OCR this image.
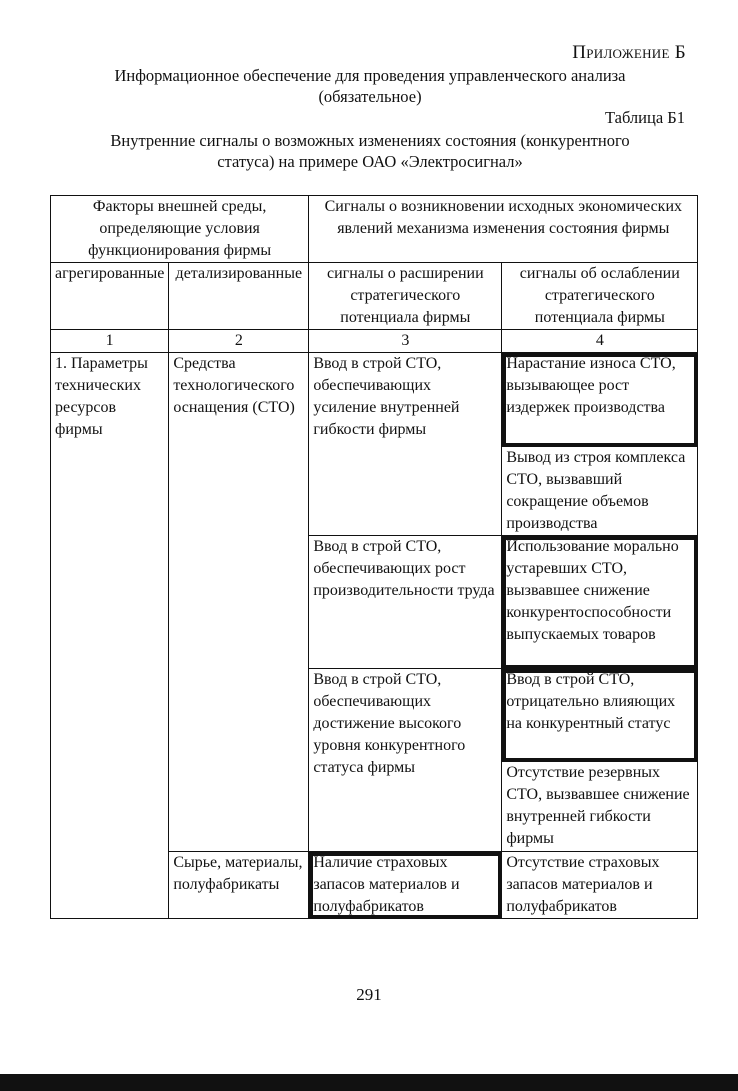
Приложение Б
Информационное обеспечение для проведения управленческого анализа
(обязательное)
Таблица Б1
Внутренние сигналы о возможных изменениях состояния (конкурентного
статуса) на примере ОАО «Электросигнал»
Факторы внешней среды, определяющие условия функционирования фирмы		Сигналы о возникновении исходных экономических явлений механизма изменения состояния фирмы	
агрегированные	детализированные	сигналы о расширении стратегического потенциала фирмы	сигналы об ослаблении стратегического потенциала фирмы
1	2	3	4
1. Параметры технических ресурсов фирмы	Средства технологического оснащения (СТО)	Ввод в строй СТО, обеспечивающих усиление внутренней гибкости фирмы	Нарастание износа СТО, вызывающее рост издержек производства
			Вывод из строя комплекса СТО, вызвавший сокращение объемов производства
		Ввод в строй СТО, обеспечивающих рост производительности труда	Использование морально устаревших СТО, вызвавшее снижение конкурентоспособности выпускаемых товаров
		Ввод в строй СТО, обеспечивающих достижение высокого уровня конкурентного статуса фирмы	Ввод в строй СТО, отрицательно влияющих на конкурентный статус
			Отсутствие резервных СТО, вызвавшее снижение внутренней гибкости фирмы

	Сырье, материалы, полуфабрикаты	Наличие страховых запасов материалов и полуфабрикатов	Отсутствие страховых запасов материалов и полуфабрикатов
291
